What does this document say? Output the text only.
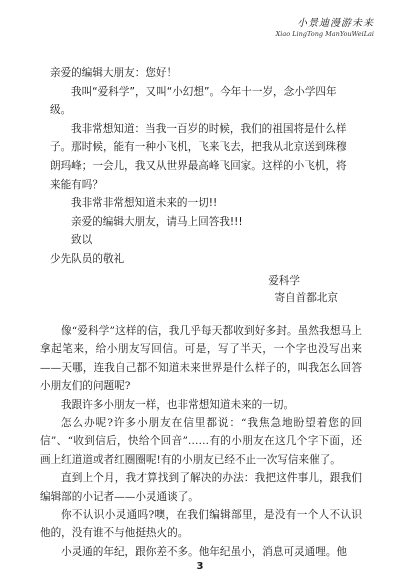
小景迪漫游未来
Xiao LingTong ManYouWeiLai

亲爱的编辑大朋友：您好！

我叫“爱科学”，又叫“小幻想”。今年十一岁，念小学四年级。

我非常想知道：当我一百岁的时候，我们的祖国将是什么样子。那时候，能有一种小飞机，飞来飞去，把我从北京送到珠穆朗玛峰；一会儿，我又从世界最高峰飞回家。这样的小飞机，将来能有吗？

我非常非常想知道未来的一切!!

亲爱的编辑大朋友，请马上回答我!!!

致以

少先队员的敬礼

爱科学

寄自首都北京

像“爱科学”这样的信，我几乎每天都收到好多封。虽然我想马上拿起笔来，给小朋友写回信。可是，写了半天，一个字也没写出来——天哪，连我自己都不知道未来世界是什么样子的，叫我怎么回答小朋友们的问题呢?

我跟许多小朋友一样，也非常想知道未来的一切。

怎么办呢?许多小朋友在信里都说：“我焦急地盼望着您的回信”、“收到信后，快给个回音”……有的小朋友在这几个字下面，还画上红道道或者红圈圈呢!有的小朋友已经不止一次写信来催了。

直到上个月，我才算找到了解决的办法：我把这件事儿，跟我们编辑部的小记者——小灵通谈了。

你不认识小灵通吗?噢，在我们编辑部里，是没有一个人不认识他的，没有谁不与他挺热火的。

小灵通的年纪，跟你差不多。他年纪虽小，消息可灵通哩。他

3
